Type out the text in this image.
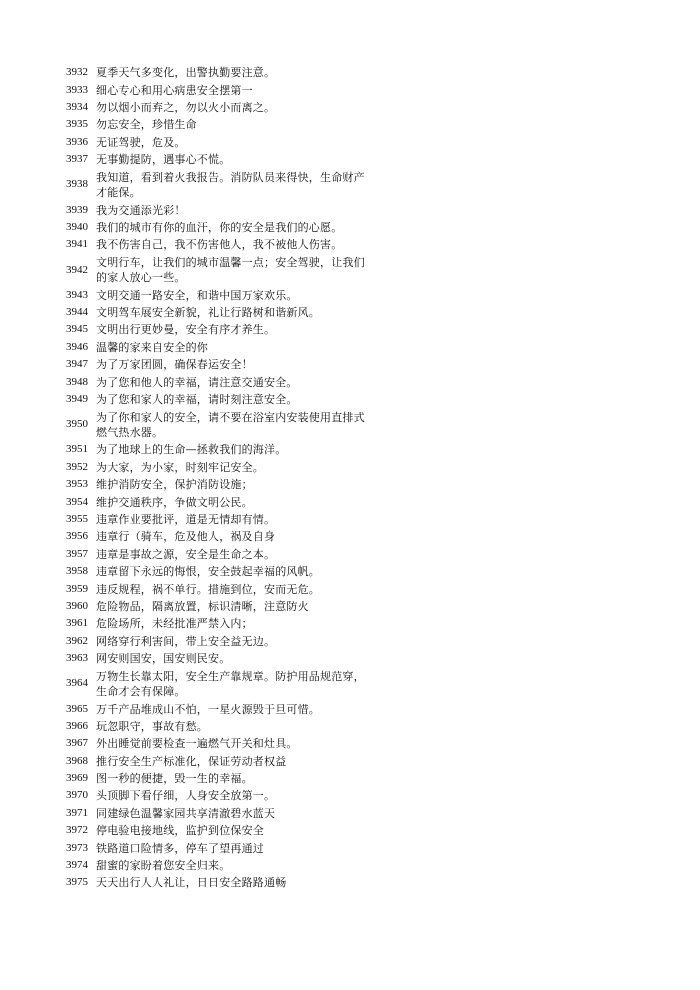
3932 夏季天气多变化，出警执勤要注意。
3933 细心专心和用心病患安全摆第一
3934 勿以烟小而弃之，勿以火小而离之。
3935 勿忘安全，珍惜生命
3936 无证驾驶，危及。
3937 无事勤提防，遇事心不慌。
3938
我知道，看到着火我报告。消防队员来得快，生命财产才能保。
3939 我为交通添光彩！
3940 我们的城市有你的血汗，你的安全是我们的心愿。
3941 我不伤害自己，我不伤害他人，我不被他人伤害。
3942
文明行车，让我们的城市温馨一点；安全驾驶，让我们的家人放心一些。
3943 文明交通一路安全，和谐中国万家欢乐。
3944 文明驾车展安全新貌，礼让行路树和谐新风。
3945 文明出行更妙曼，安全有序才养生。
3946 温馨的家来自安全的你
3947 为了万家团圆，确保春运安全！
3948 为了您和他人的幸福，请注意交通安全。
3949 为了您和家人的幸福，请时刻注意安全。
3950
为了你和家人的安全，请不要在浴室内安装使用直排式燃气热水器。
3951 为了地球上的生命—拯救我们的海洋。
3952 为大家，为小家，时刻牢记安全。
3953 维护消防安全，保护消防设施；
3954 维护交通秩序，争做文明公民。
3955 违章作业要批评，道是无情却有情。
3956 违章行（骑车，危及他人，祸及自身
3957 违章是事故之源，安全是生命之本。
3958 违章留下永远的悔恨，安全鼓起幸福的风帆。
3959 违反规程，祸不单行。措施到位，安而无危。
3960 危险物品，隔离放置，标识清晰，注意防火
3961 危险场所，未经批准严禁入内；
3962 网络穿行利害间，带上安全益无边。
3963 网安则国安，国安则民安。
3964
万物生长靠太阳，安全生产靠规章。防护用品规范穿，生命才会有保障。
3965 万千产品堆成山不怕，一星火源毁于旦可惜。
3966 玩忽职守，事故有愁。
3967 外出睡觉前要检查一遍燃气开关和灶具。
3968 推行安全生产标准化，保证劳动者权益
3969 图一秒的便捷，毁一生的幸福。
3970 头顶脚下看仔细，人身安全放第一。
3971 同建绿色温馨家园共享清澈碧水蓝天
3972 停电验电接地线，监护到位保安全
3973 铁路道口险情多，停车了望再通过
3974 甜蜜的家盼着您安全归来。
3975 天天出行人人礼让，日日安全路路通畅
